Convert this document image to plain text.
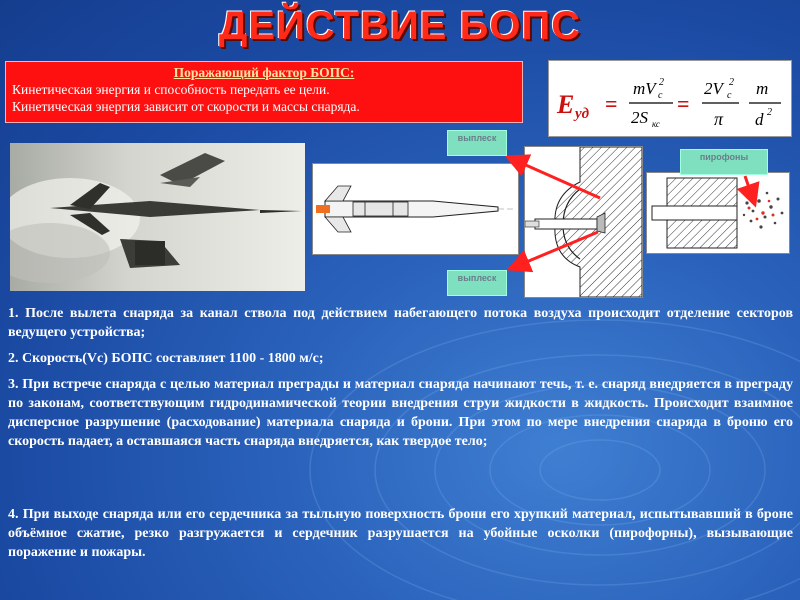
ДЕЙСТВИЕ БОПС
Поражающий фактор БОПС:
Кинетическая энергия и способность передать ее цели.
Кинетическая энергия зависит от скорости и массы снаряда.	E уд =	=
mV c
2
2S кс
2V c
2
π
m
d 2
выплеск
выплеск
пирофоны
1. После вылета снаряда за канал ствола под действием набегающего потока воздуха происходит отделение секторов ведущего устройства;
2. Скорость(Vc) БОПС составляет 1100 - 1800 м/с;
3. При встрече снаряда с целью материал преграды и материал снаряда начинают течь, т. е. снаряд внедряется в преграду по законам, соответствующим гидродинамической теории внедрения струи жидкости в жидкость. Происходит взаимное дисперсное разрушение (расходование) материала снаряда и брони. При этом по мере внедрения снаряда в броню его скорость падает, а оставшаяся часть снаряда внедряется, как твердое тело;
4. При выходе снаряда или его сердечника за тыльную поверхность брони его хрупкий материал, испытывавший в броне объёмное сжатие, резко разгружается и сердечник разрушается на убойные осколки (пирофорны), вызывающие поражение и пожары.
